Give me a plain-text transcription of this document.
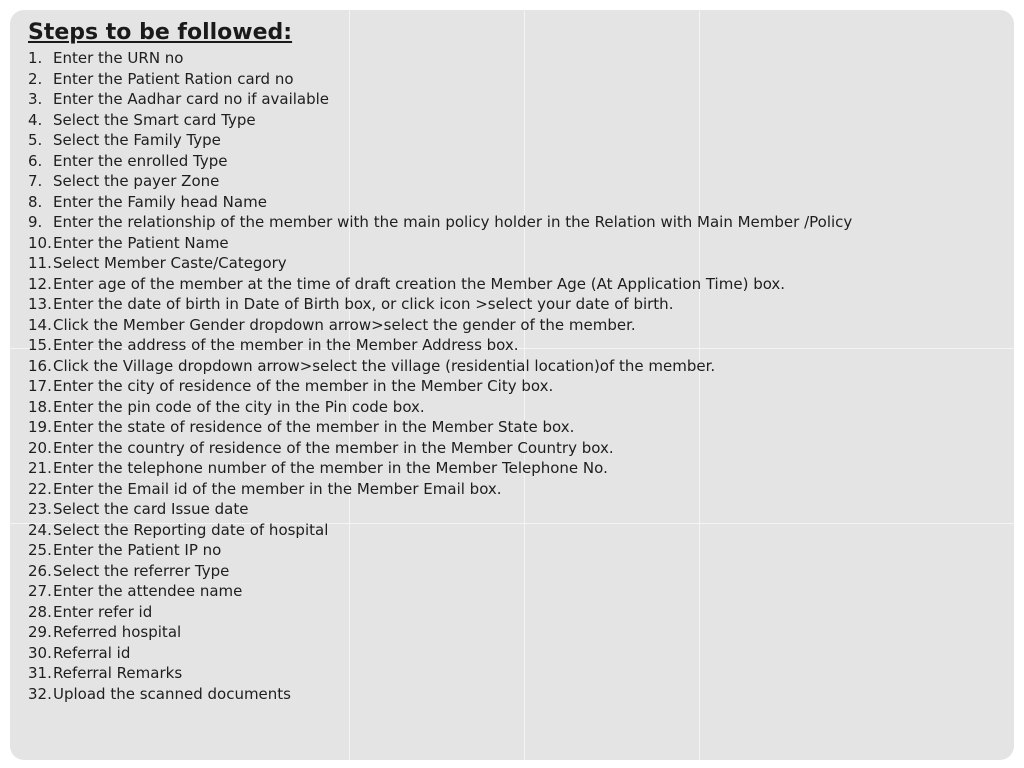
Steps to be followed:
1. Enter the URN no
2. Enter the Patient Ration card no
3. Enter the Aadhar card no if available
4. Select the Smart card Type
5. Select the Family Type
6. Enter the enrolled Type
7. Select the payer Zone
8. Enter the Family head Name
9. Enter the relationship of the member with the main policy holder in the Relation with Main Member /Policy
10. Enter the Patient Name
11. Select Member Caste/Category
12. Enter age of the member at the time of draft creation the Member Age (At Application Time) box.
13. Enter the date of birth in Date of Birth box, or click icon >select your date of birth.
14. Click the Member Gender dropdown arrow>select the gender of the member.
15. Enter the address of the member in the Member Address box.
16. Click the Village dropdown arrow>select the village (residential location)of the member.
17. Enter the city of residence of the member in the Member City box.
18. Enter the pin code of the city in the Pin code box.
19. Enter the state of residence of the member in the Member State box.
20. Enter the country of residence of the member in the Member Country box.
21. Enter the telephone number of the member in the Member Telephone No.
22. Enter the Email id of the member in the Member Email box.
23. Select the card Issue date
24. Select the Reporting date of hospital
25. Enter the Patient IP no
26. Select the referrer Type
27. Enter the attendee name
28. Enter refer id
29. Referred hospital
30. Referral id
31. Referral Remarks
32. Upload the scanned documents
